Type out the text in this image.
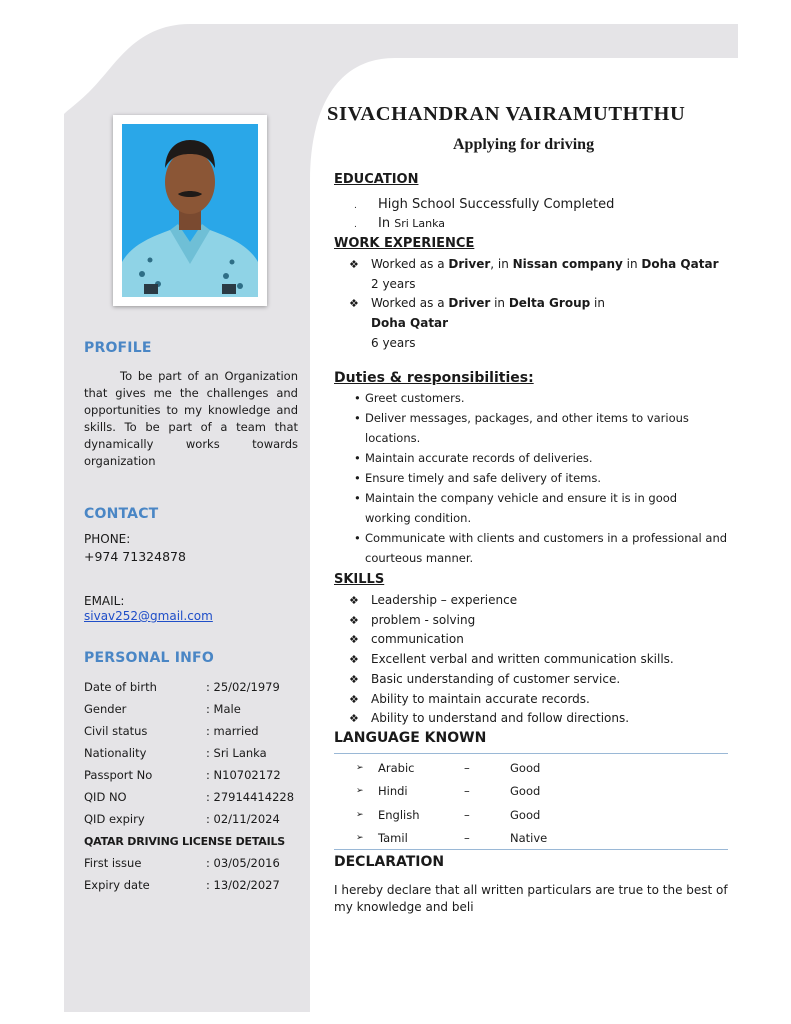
PROFILE
To be part of an Organization that gives me the challenges and opportunities to my knowledge and skills. To be part of a team that dynamically works towards organization
CONTACT
PHONE:
+974 71324878
EMAIL:
sivav252@gmail.com
PERSONAL INFO
Date of birth	: 25/02/1979
Gender	: Male
Civil status	: married
Nationality	: Sri Lanka
Passport No	: N10702172
QID NO	: 27914414228
QID expiry	: 02/11/2024
QATAR DRIVING LICENSE DETAILS
First issue	: 03/05/2016
Expiry date	: 13/02/2027
SIVACHANDRAN VAIRAMUTHTHU
Applying for driving
EDUCATION
. High School Successfully Completed
. In Sri Lanka
WORK EXPERIENCE
❖	Worked as a Driver, in Nissan company in Doha Qatar
2 years
❖	Worked as a Driver in Delta Group in
Doha Qatar
6 years
Duties & responsibilities:
• Greet customers.
• Deliver messages, packages, and other items to various locations.
• Maintain accurate records of deliveries.
• Ensure timely and safe delivery of items.
• Maintain the company vehicle and ensure it is in good working condition.
• Communicate with clients and customers in a professional and courteous manner.
SKILLS
❖	Leadership – experience
❖	problem - solving
❖	communication
❖	Excellent verbal and written communication skills.
❖	Basic understanding of customer service.
❖	Ability to maintain accurate records.
❖	Ability to understand and follow directions.
LANGUAGE KNOWN
➢	Arabic	–	Good
➢	Hindi	–	Good
➢	English	–	Good
➢	Tamil	–	Native
DECLARATION
I hereby declare that all written particulars are true to the best of my knowledge and beli
